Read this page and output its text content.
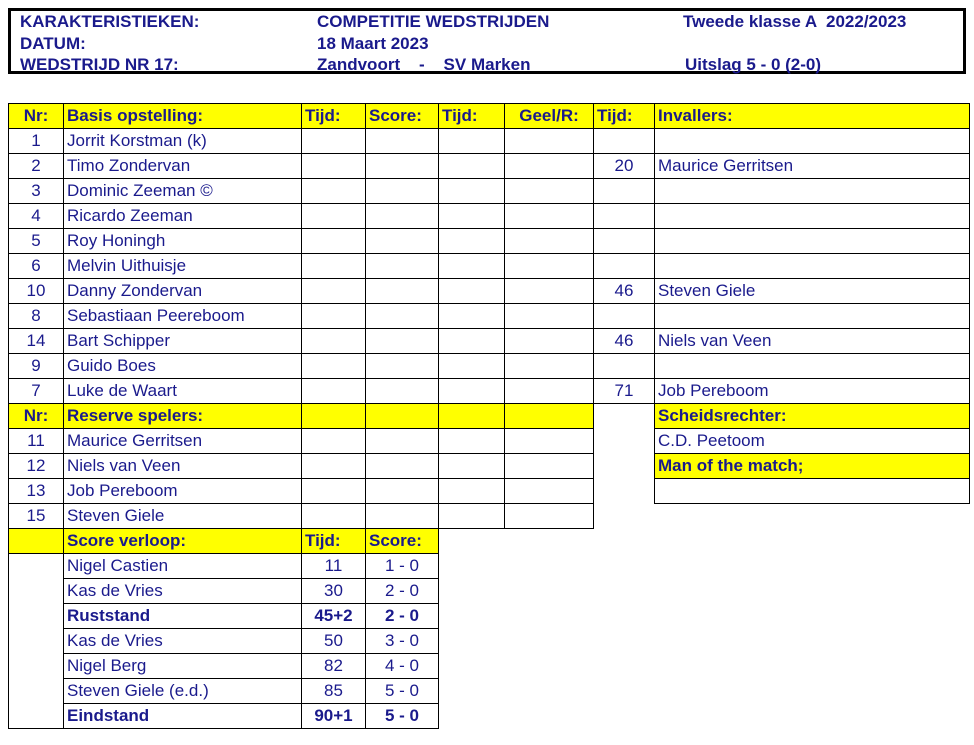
KARAKTERISTIEKEN:	COMPETITIE WEDSTRIJDEN	Tweede klasse A  2022/2023
DATUM:	18 Maart 2023
WEDSTRIJD NR 17:	Zandvoort    -    SV Marken	Uitslag 5 - 0 (2-0)
Nr:	Basis opstelling:	Tijd:	Score:	Tijd:	Geel/R:	Tijd:	Invallers:
1	Jorrit Korstman (k)						
2	Timo Zondervan					20	Maurice Gerritsen
3	Dominic Zeeman ©						
4	Ricardo Zeeman						
5	Roy Honingh						
6	Melvin Uithuisje						
10	Danny Zondervan					46	Steven Giele
8	Sebastiaan Peereboom						
14	Bart Schipper					46	Niels van Veen
9	Guido Boes						
7	Luke de Waart					71	Job Pereboom
Nr:	Reserve spelers:						Scheidsrechter:
11	Maurice Gerritsen						C.D. Peetoom
12	Niels van Veen						Man of the match;
13	Job Pereboom						
15	Steven Giele						
	Score verloop:	Tijd:	Score:				
	Nigel Castien	11	1 - 0				
	Kas de Vries	30	2 - 0				
	Ruststand	45+2	2 - 0				
	Kas de Vries	50	3 - 0				
	Nigel Berg	82	4 - 0				
	Steven Giele (e.d.)	85	5 - 0				
	Eindstand	90+1	5 - 0				
